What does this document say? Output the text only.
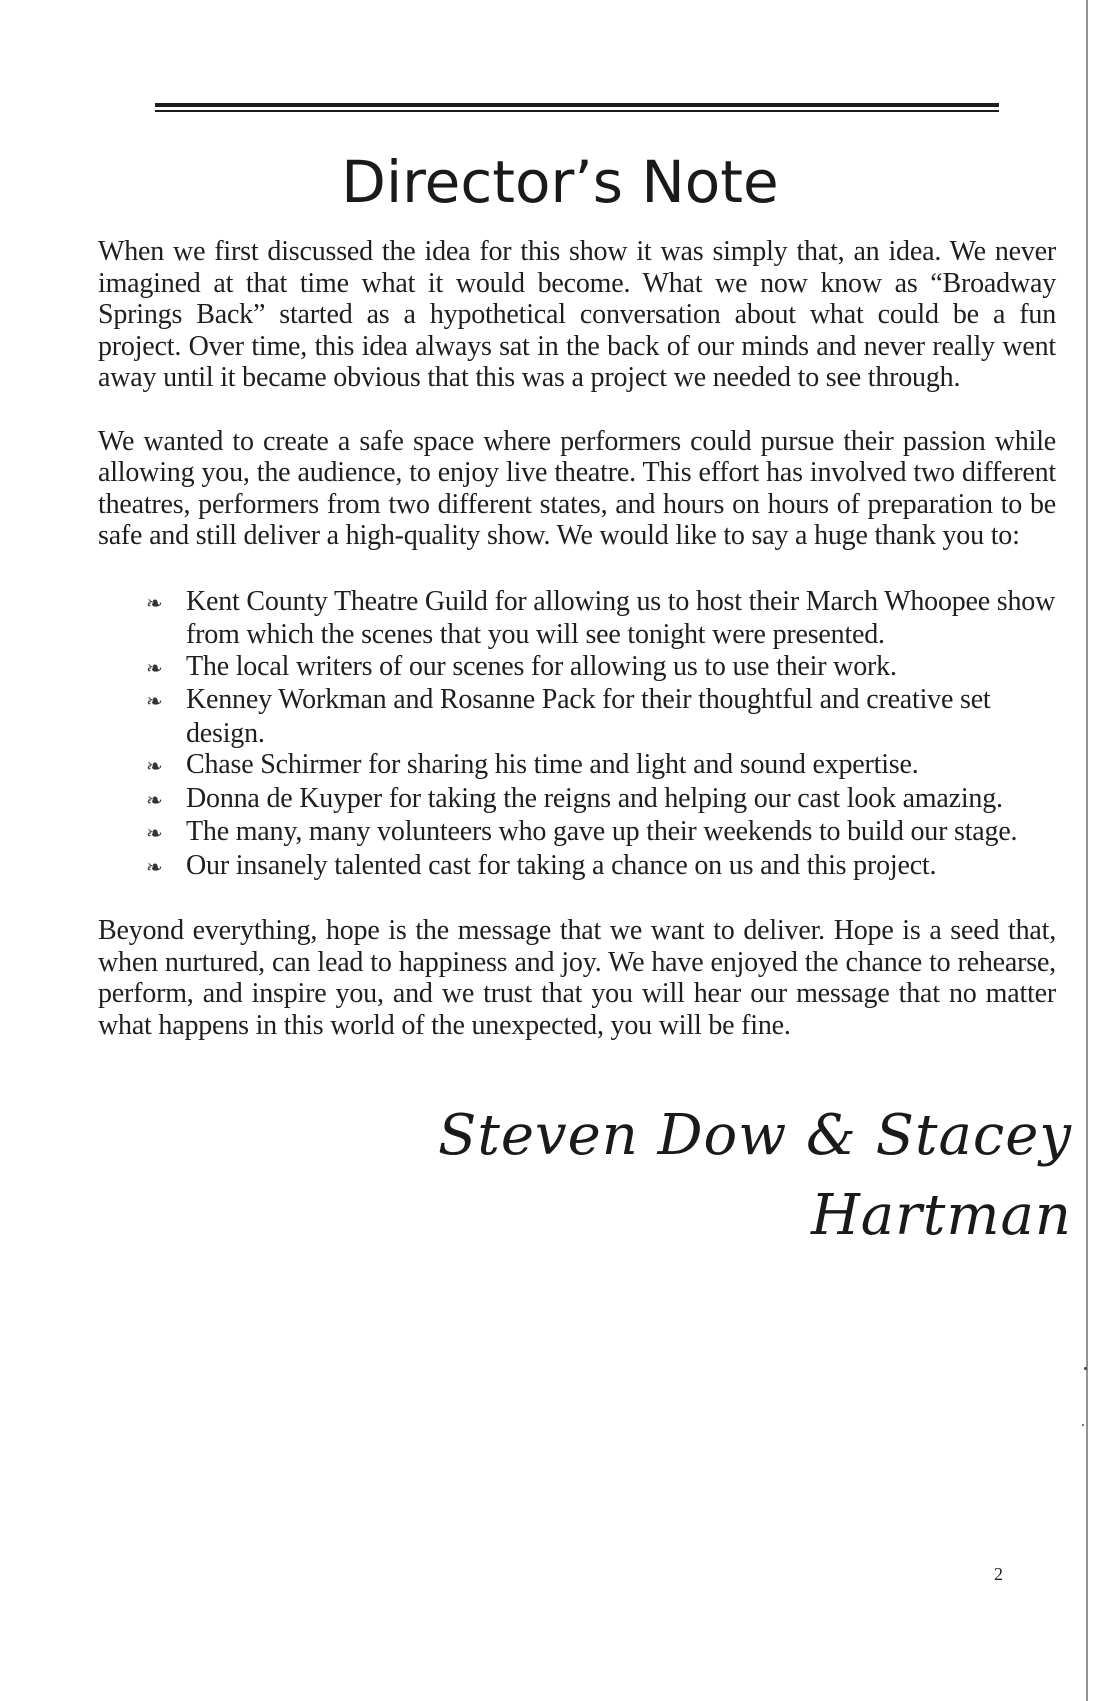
Director’s Note

When we first discussed the idea for this show it was simply that, an idea. We never imagined at that time what it would become. What we now know as “Broadway Springs Back” started as a hypothetical conversation about what could be a fun project. Over time, this idea always sat in the back of our minds and never really went away until it became obvious that this was a project we needed to see through.

We wanted to create a safe space where performers could pursue their passion while allowing you, the audience, to enjoy live theatre. This effort has involved two different theatres, performers from two different states, and hours on hours of preparation to be safe and still deliver a high-quality show. We would like to say a huge thank you to:

❧ Kent County Theatre Guild for allowing us to host their March Whoopee show from which the scenes that you will see tonight were presented.
❧ The local writers of our scenes for allowing us to use their work.
❧ Kenney Workman and Rosanne Pack for their thoughtful and creative set design.
❧ Chase Schirmer for sharing his time and light and sound expertise.
❧ Donna de Kuyper for taking the reigns and helping our cast look amazing.
❧ The many, many volunteers who gave up their weekends to build our stage.
❧ Our insanely talented cast for taking a chance on us and this project.

Beyond everything, hope is the message that we want to deliver. Hope is a seed that, when nurtured, can lead to happiness and joy. We have enjoyed the chance to rehearse, perform, and inspire you, and we trust that you will hear our message that no matter what happens in this world of the unexpected, you will be fine.

Steven Dow & Stacey Hartman
2
